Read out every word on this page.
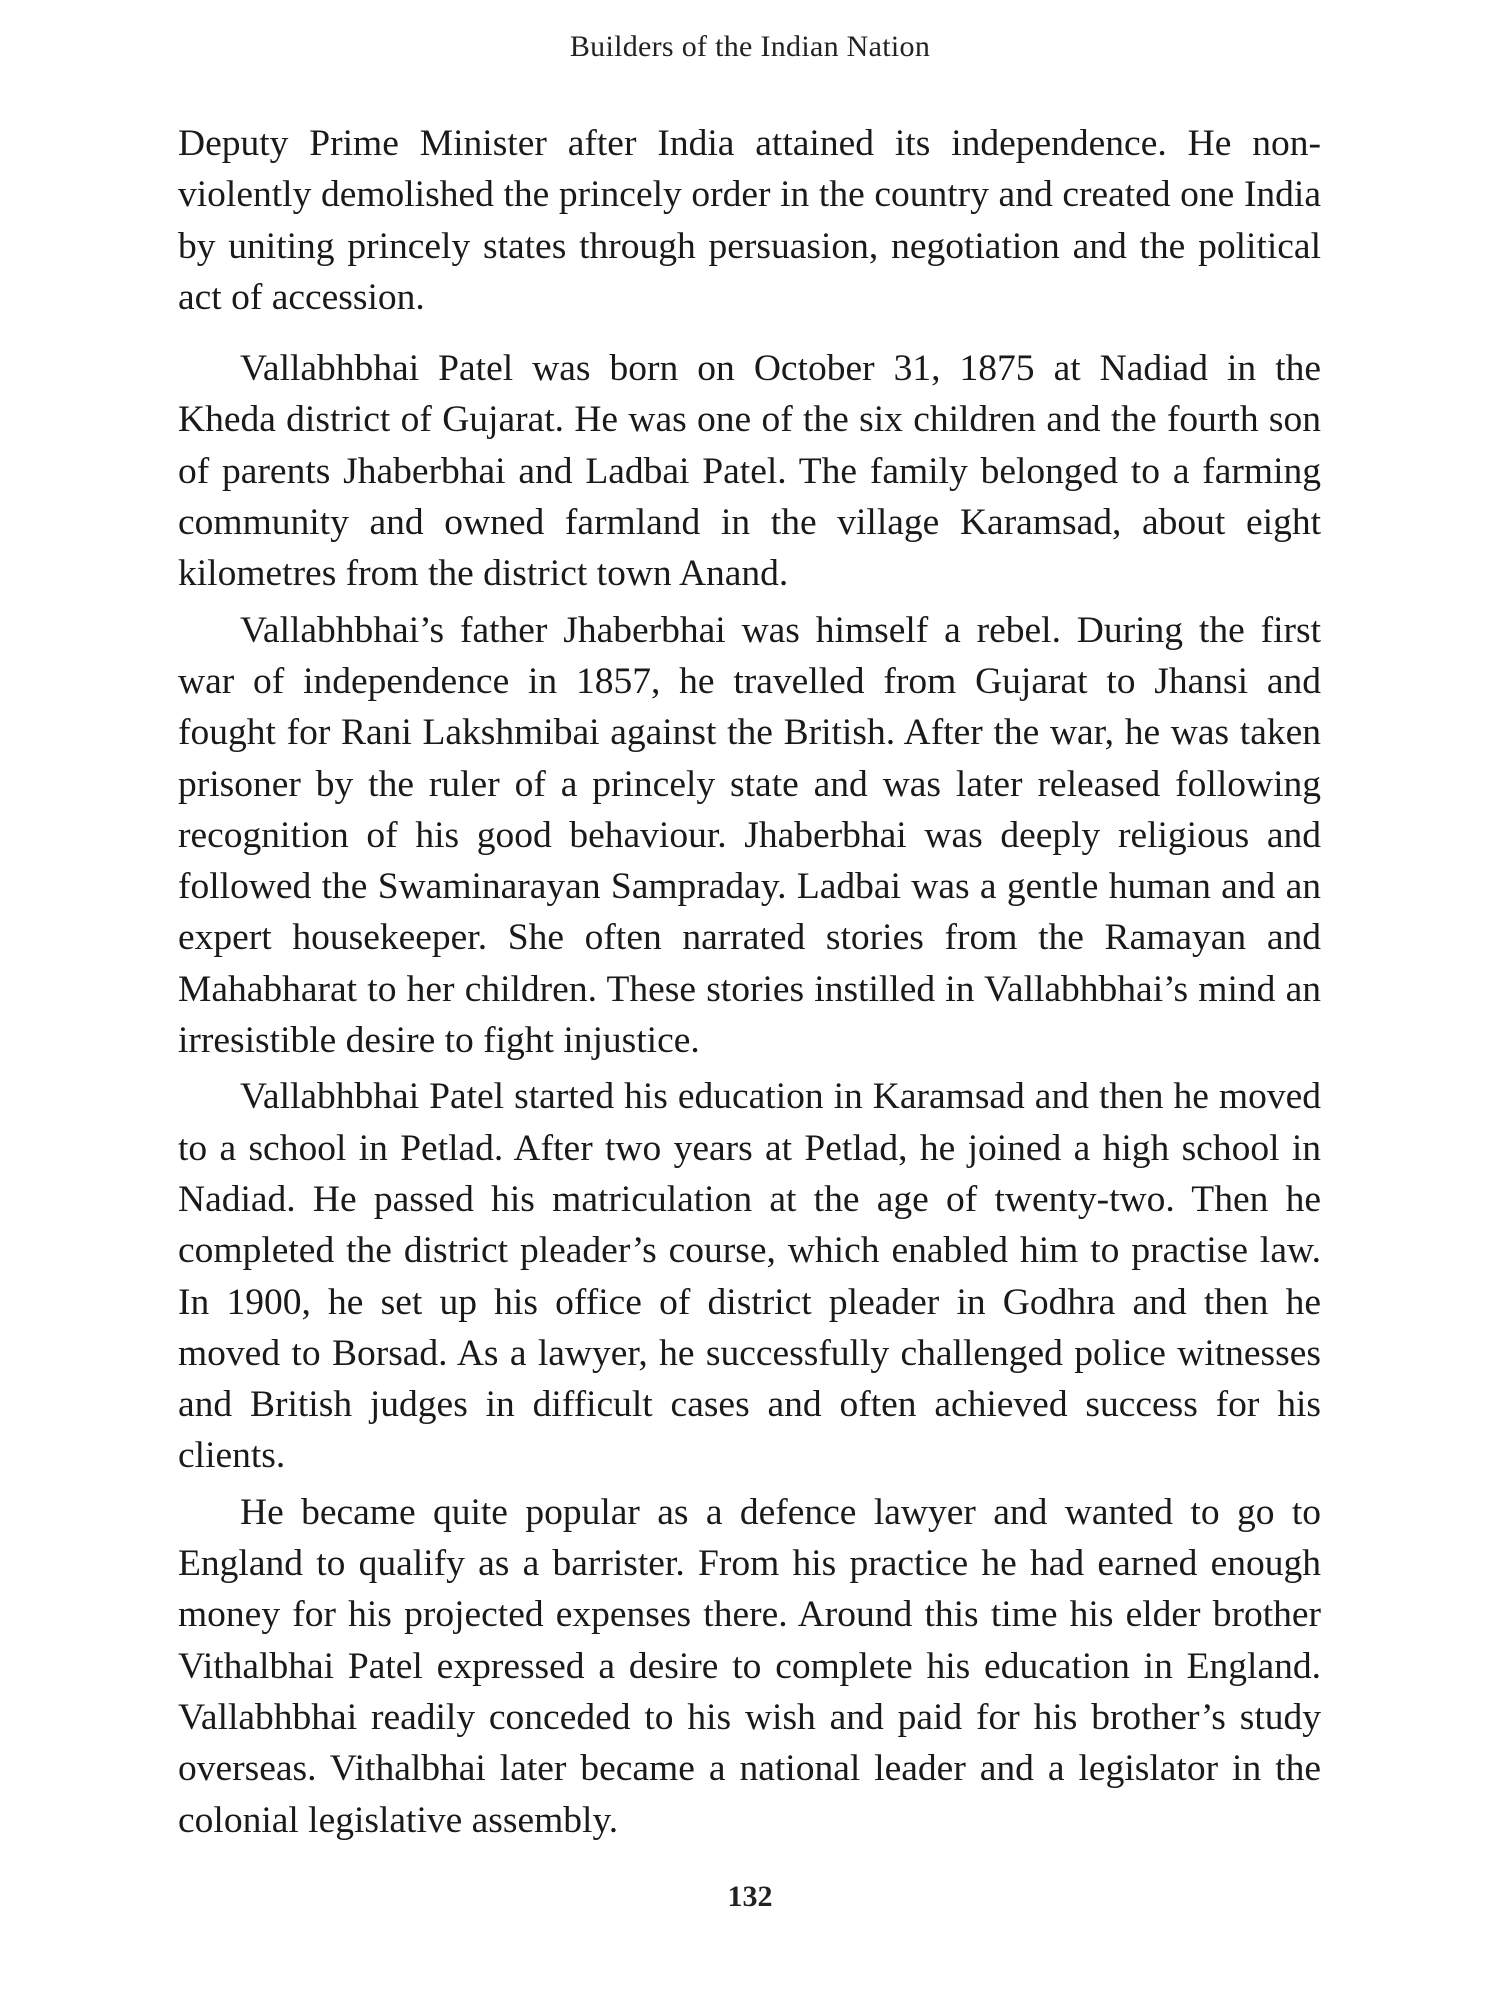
Builders of the Indian Nation

Deputy Prime Minister after India attained its independence. He non-violently demolished the princely order in the country and created one India by uniting princely states through persuasion, negotiation and the political act of accession.

Vallabhbhai Patel was born on October 31, 1875 at Nadiad in the Kheda district of Gujarat. He was one of the six children and the fourth son of parents Jhaberbhai and Ladbai Patel. The family belonged to a farming community and owned farmland in the village Karamsad, about eight kilometres from the district town Anand.

Vallabhbhai’s father Jhaberbhai was himself a rebel. During the first war of independence in 1857, he travelled from Gujarat to Jhansi and fought for Rani Lakshmibai against the British. After the war, he was taken prisoner by the ruler of a princely state and was later released following recognition of his good behaviour. Jhaberbhai was deeply religious and followed the Swaminarayan Sampraday. Ladbai was a gentle human and an expert housekeeper. She often narrated stories from the Ramayan and Mahabharat to her children. These stories instilled in Vallabhbhai’s mind an irresistible desire to fight injustice.

Vallabhbhai Patel started his education in Karamsad and then he moved to a school in Petlad. After two years at Petlad, he joined a high school in Nadiad. He passed his matriculation at the age of twenty-two. Then he completed the district pleader’s course, which enabled him to practise law. In 1900, he set up his office of district pleader in Godhra and then he moved to Borsad. As a lawyer, he successfully challenged police witnesses and British judges in difficult cases and often achieved success for his clients.

He became quite popular as a defence lawyer and wanted to go to England to qualify as a barrister. From his practice he had earned enough money for his projected expenses there. Around this time his elder brother Vithalbhai Patel expressed a desire to complete his education in England. Vallabhbhai readily conceded to his wish and paid for his brother’s study overseas. Vithalbhai later became a national leader and a legislator in the colonial legislative assembly.

132
